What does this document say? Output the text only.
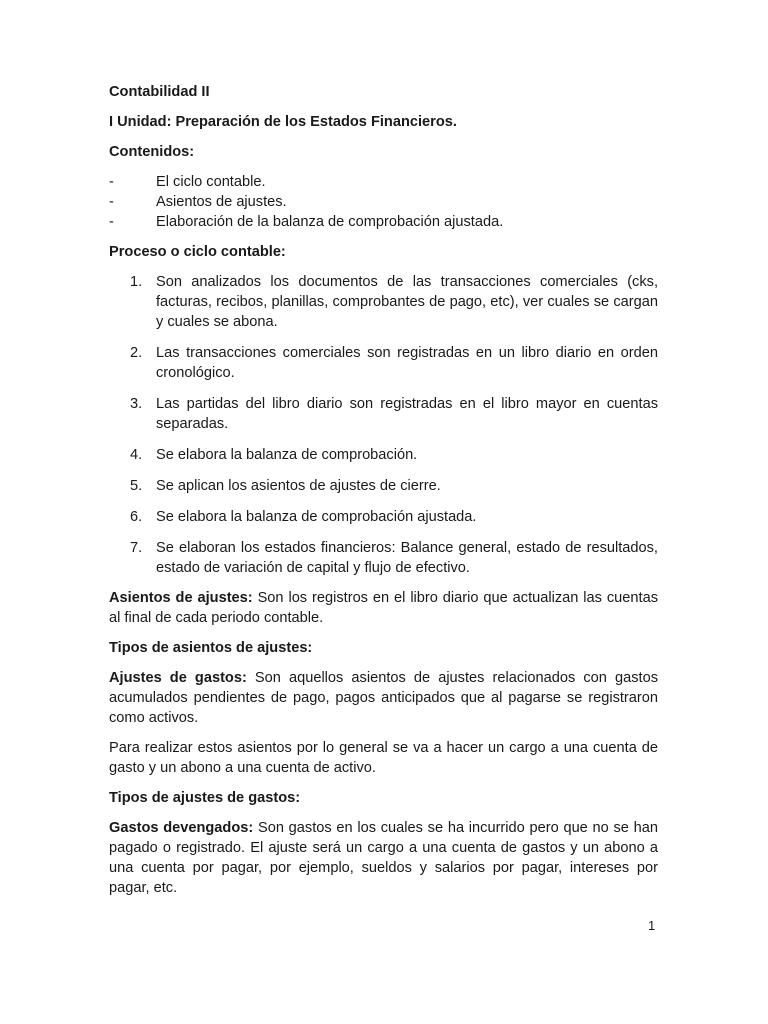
Contabilidad II
I Unidad: Preparación de los Estados Financieros.
Contenidos:
-	El ciclo contable.
-	Asientos de ajustes.
-	Elaboración de la balanza de comprobación ajustada.
Proceso o ciclo contable:
1. Son analizados los documentos de las transacciones comerciales (cks, facturas, recibos, planillas, comprobantes de pago, etc), ver cuales se cargan y cuales se abona.
2. Las transacciones comerciales son registradas en un libro diario en orden cronológico.
3. Las partidas del libro diario son registradas en el libro mayor en cuentas separadas.
4. Se elabora la balanza de comprobación.
5. Se aplican los asientos de ajustes de cierre.
6. Se elabora la balanza de comprobación ajustada.
7. Se elaboran los estados financieros: Balance general, estado de resultados, estado de variación de capital y flujo de efectivo.
Asientos de ajustes: Son los registros en el libro diario que actualizan las cuentas al final de cada periodo contable.
Tipos de asientos de ajustes:
Ajustes de gastos: Son aquellos asientos de ajustes relacionados con gastos acumulados pendientes de pago, pagos anticipados que al pagarse se registraron como activos.
Para realizar estos asientos por lo general se va a hacer un cargo a una cuenta de gasto y un abono a una cuenta de activo.
Tipos de ajustes de gastos:
Gastos devengados: Son gastos en los cuales se ha incurrido pero que no se han pagado o registrado. El ajuste será un cargo a una cuenta de gastos y un abono a una cuenta por pagar, por ejemplo, sueldos y salarios por pagar, intereses por pagar, etc.
1
